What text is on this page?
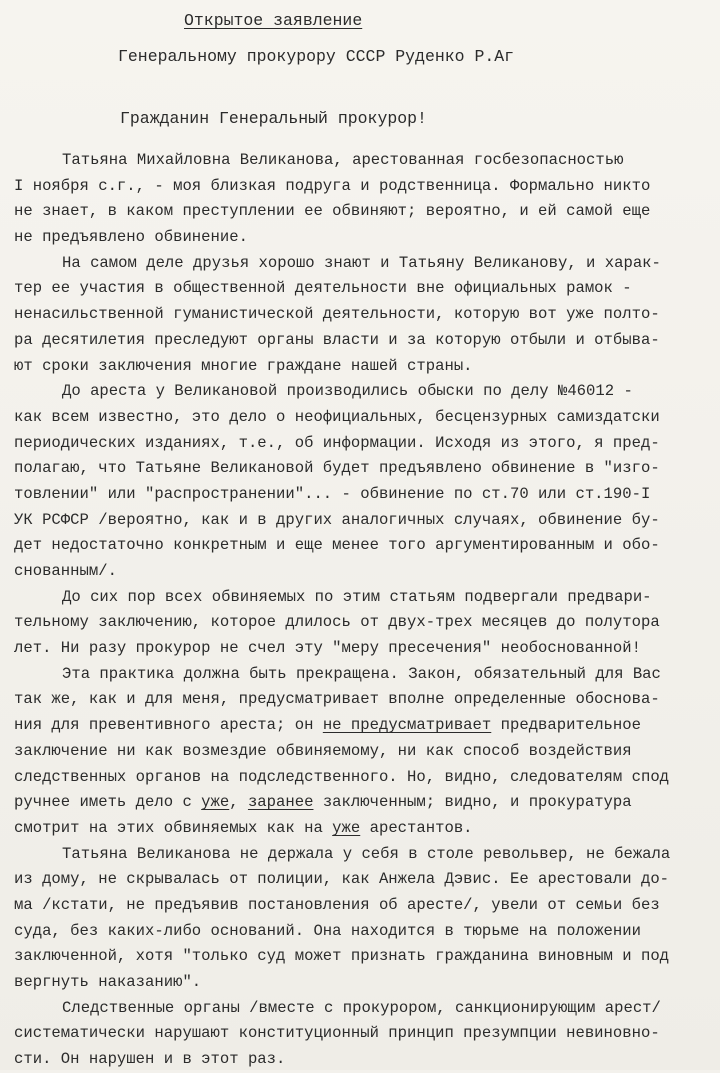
Открытое заявление
Генеральному прокурору СССР Руденко Р.Аг
Гражданин Генеральный прокурор!
Татьяна Михайловна Великанова, арестованная госбезопасностью
I ноября с.г., - моя близкая подруга и родственница. Формально никто
не знает, в каком преступлении ее обвиняют; вероятно, и ей самой еще
не предъявлено обвинение.
На самом деле друзья хорошо знают и Татьяну Великанову, и харак-
тер ее участия в общественной деятельности вне официальных рамок -
ненасильственной гуманистической деятельности, которую вот уже полто-
ра десятилетия преследуют органы власти и за которую отбыли и отбыва-
ют сроки заключения многие граждане нашей страны.
До ареста у Великановой производились обыски по делу №46012 -
как всем известно, это дело о неофициальных, бесцензурных самиздатски
периодических изданиях, т.е., об информации. Исходя из этого, я пред-
полагаю, что Татьяне Великановой будет предъявлено обвинение в "изго-
товлении" или "распространении"... - обвинение по ст.70 или ст.190-I
УК РСФСР /вероятно, как и в других аналогичных случаях, обвинение бу-
дет недостаточно конкретным и еще менее того аргументированным и обо-
снованным/.
До сих пор всех обвиняемых по этим статьям подвергали предвари-
тельному заключению, которое длилось от двух-трех месяцев до полутора
лет. Ни разу прокурор не счел эту "меру пресечения" необоснованной!
Эта практика должна быть прекращена. Закон, обязательный для Вас
так же, как и для меня, предусматривает вполне определенные обоснова-
ния для превентивного ареста; он не предусматривает предварительное
заключение ни как возмездие обвиняемому, ни как способ воздействия
следственных органов на подследственного. Но, видно, следователям спод
ручнее иметь дело с уже, заранее заключенным; видно, и прокуратура
смотрит на этих обвиняемых как на уже арестантов.
Татьяна Великанова не держала у себя в столе револьвер, не бежала
из дому, не скрывалась от полиции, как Анжела Дэвис. Ее арестовали до-
ма /кстати, не предъявив постановления об аресте/, увели от семьи без
суда, без каких-либо оснований. Она находится в тюрьме на положении
заключенной, хотя "только суд может признать гражданина виновным и под
вергнуть наказанию".
Следственные органы /вместе с прокурором, санкционирующим арест/
систематически нарушают конституционный принцип презумпции невиновно-
сти. Он нарушен и в этот раз.
